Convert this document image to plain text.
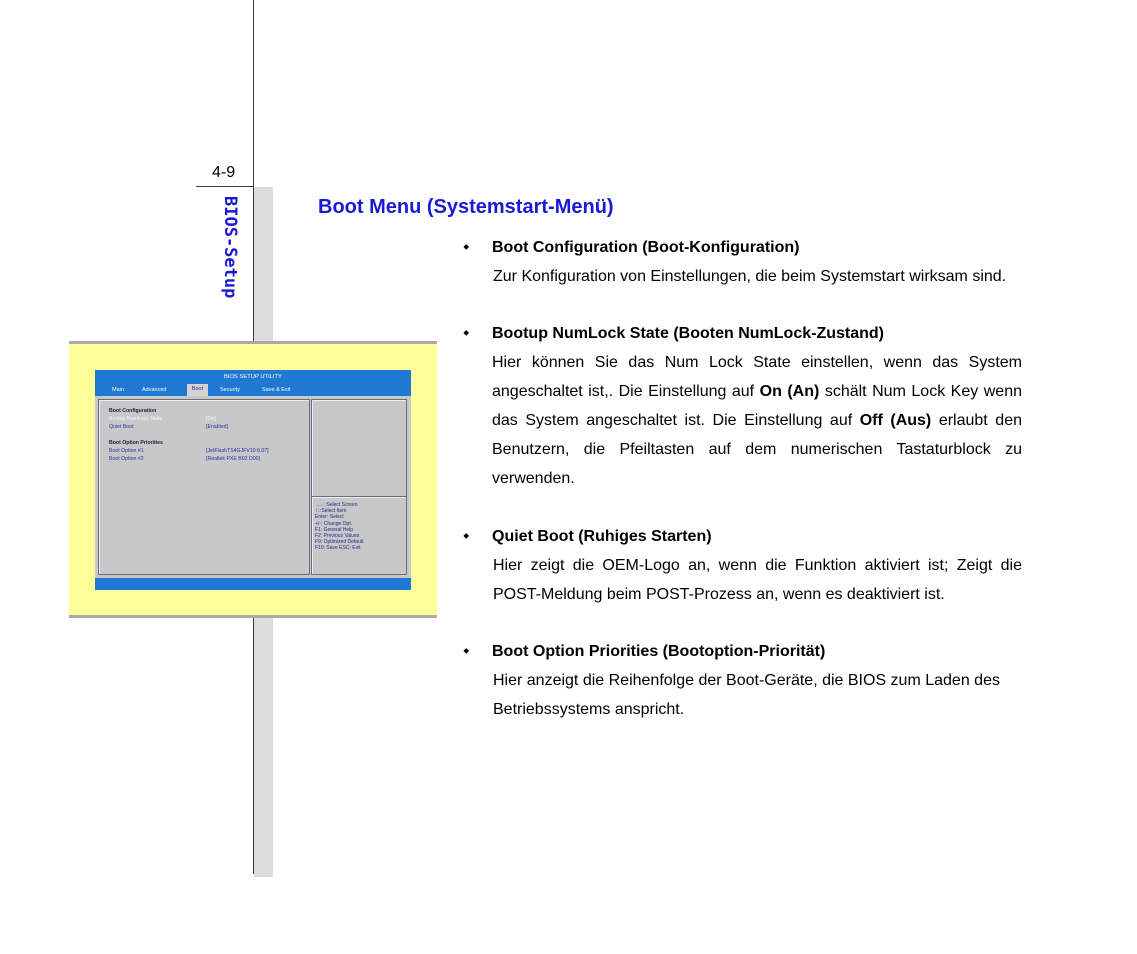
4-9
BIOS-Setup
BIOS SETUP UTILITY
Main	Advanced	Boot	Security	Save & Exit
Boot Configuration
Bootup NumLock State	[On]
Quiet Boot	[Enabled]
Boot Option Priorities
Boot Option #1	[JetFlashTS4GJFV10 8.07]
Boot Option #2	[Realtek PXE B02 D00]
→←:Select Screen
↑↓:Select Item
Enter: Select
+/-: Change Opt.
F1: General Help
F2: Previous Values
F9: Optimized Default
F10: Save ESC: Exit
Boot Menu (Systemstart-Menü)
Boot Configuration (Boot-Konfiguration)
Zur Konfiguration von Einstellungen, die beim Systemstart wirksam sind.
Bootup NumLock State (Booten NumLock-Zustand)
Hier können Sie das Num Lock State einstellen, wenn das System
angeschaltet ist,. Die Einstellung auf On (An) schält Num Lock Key wenn
das System angeschaltet ist. Die Einstellung auf Off (Aus) erlaubt den
Benutzern, die Pfeiltasten auf dem numerischen Tastaturblock zu
verwenden.
Quiet Boot (Ruhiges Starten)
Hier zeigt die OEM-Logo an, wenn die Funktion aktiviert ist; Zeigt die
POST-Meldung beim POST-Prozess an, wenn es deaktiviert ist.
Boot Option Priorities (Bootoption-Priorität)
Hier anzeigt die Reihenfolge der Boot-Geräte, die BIOS zum Laden des
Betriebssystems anspricht.
